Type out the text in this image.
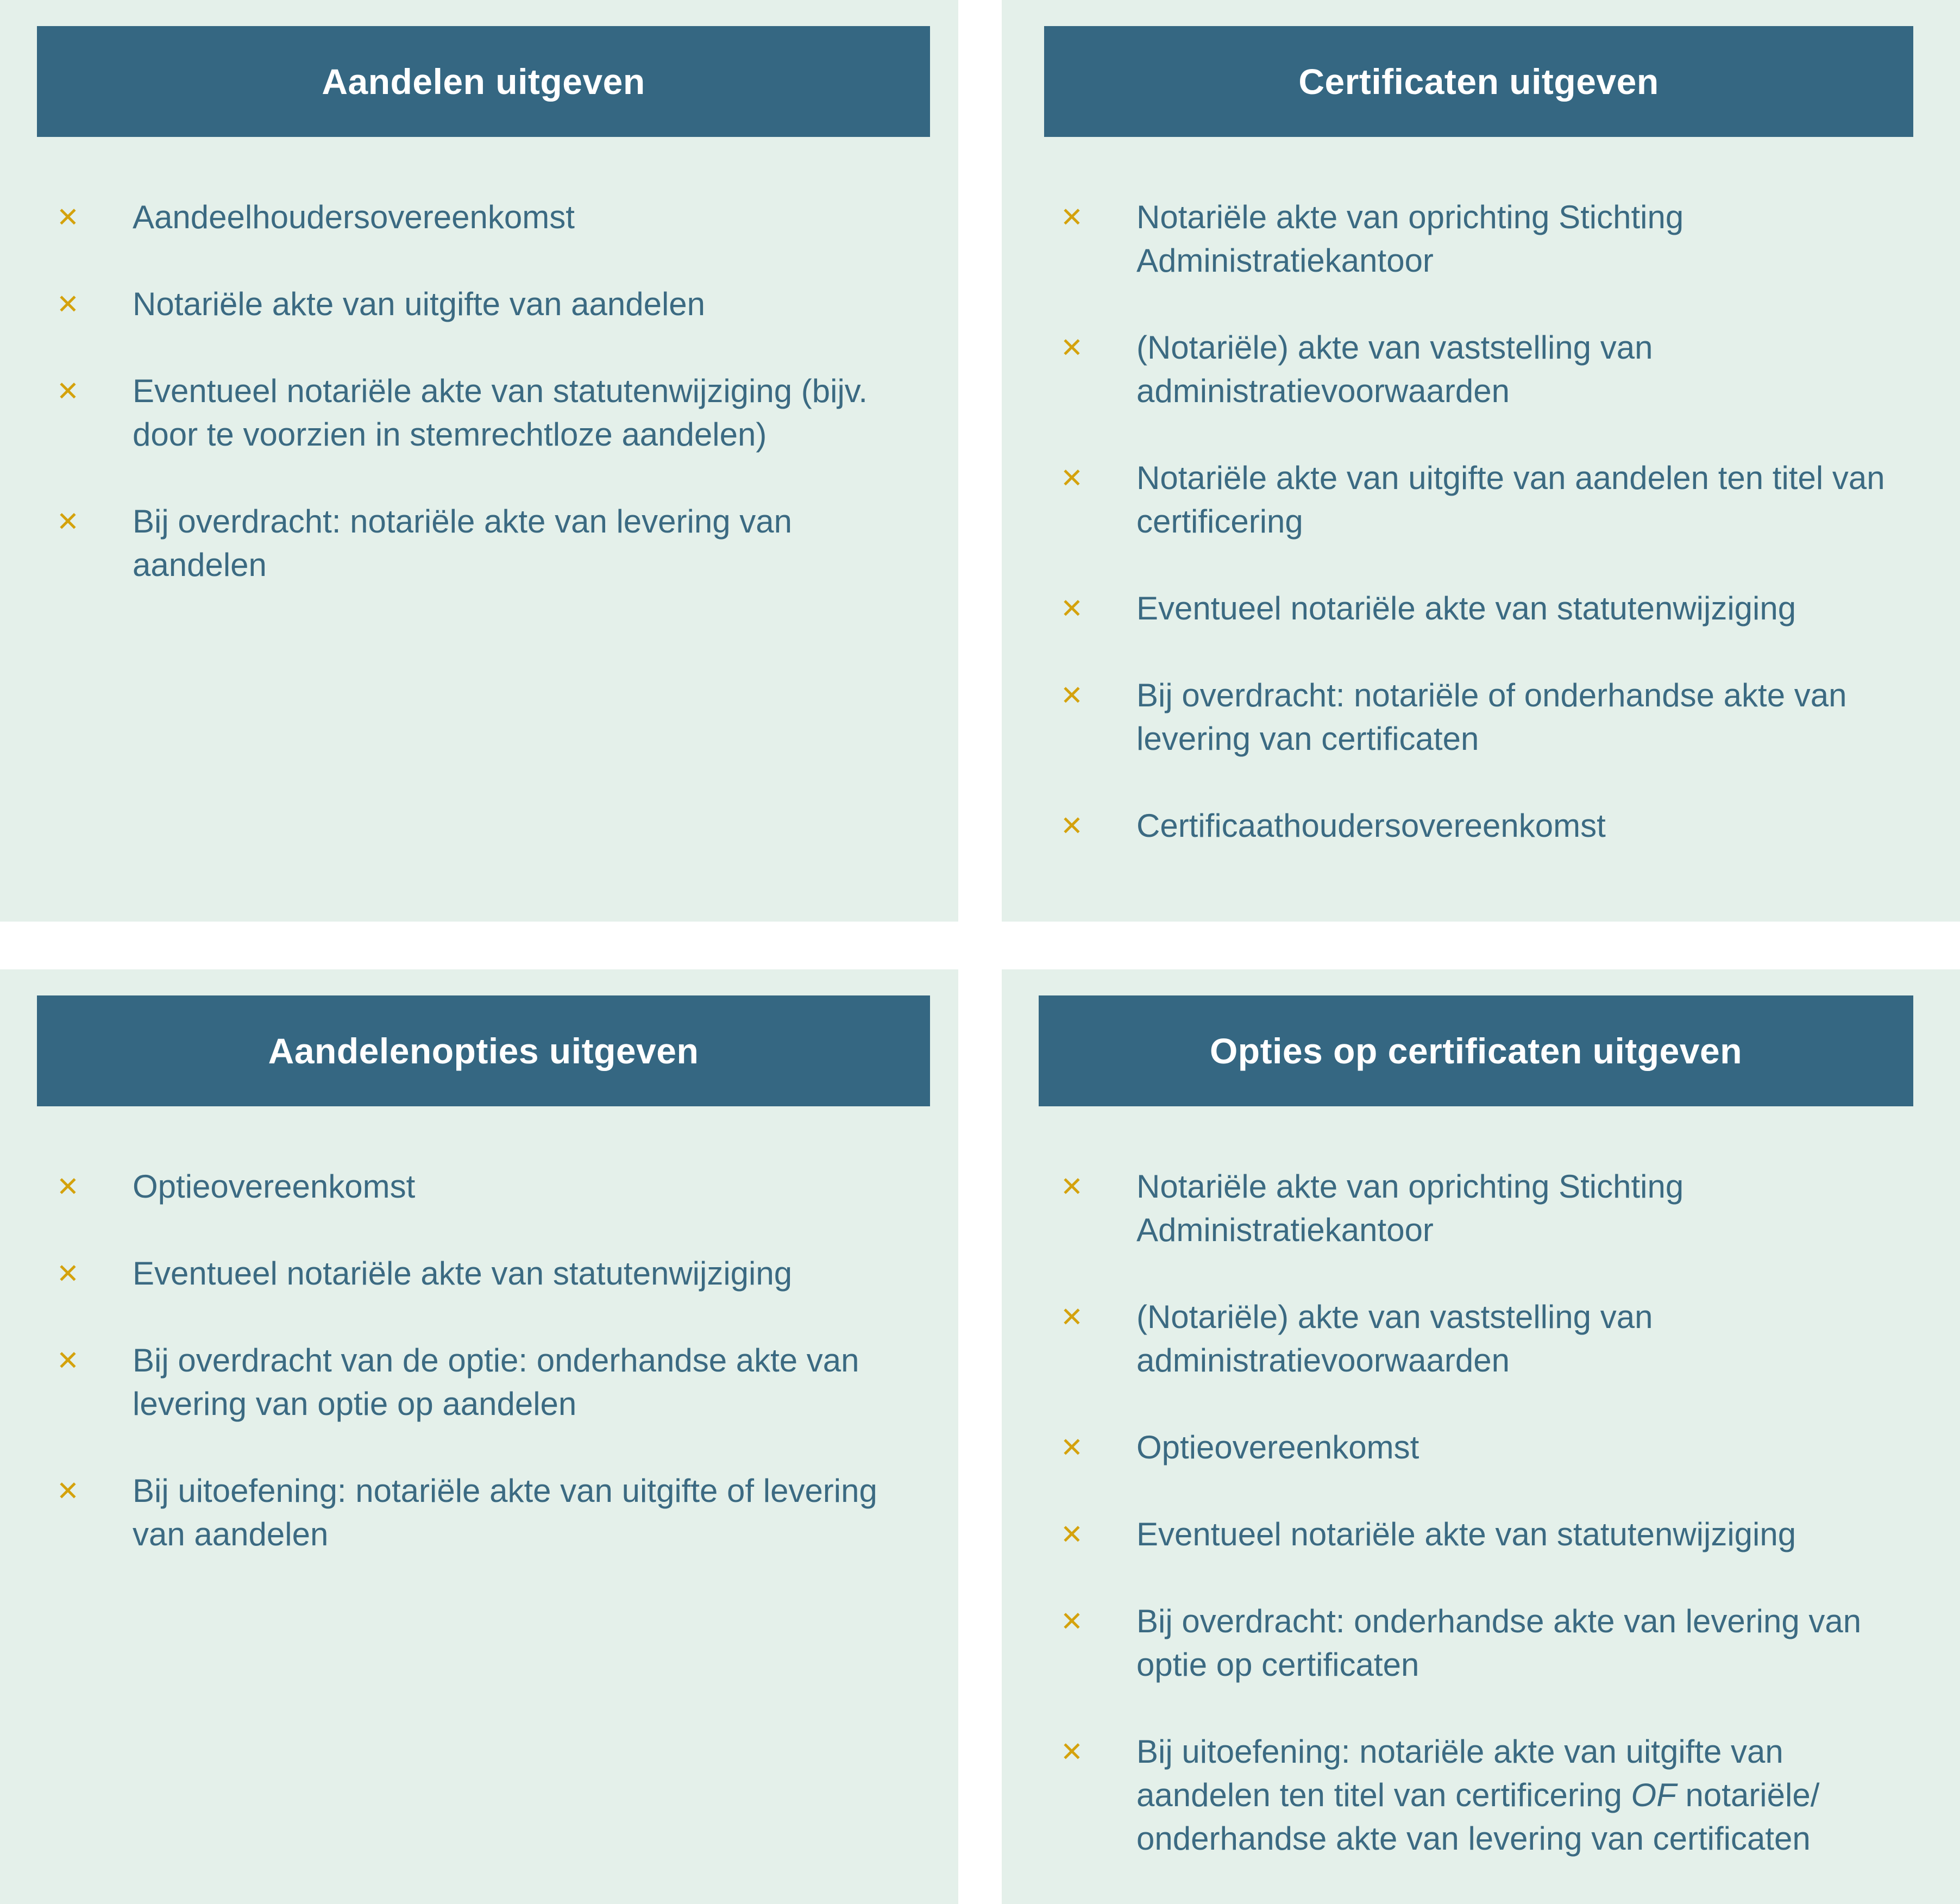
Aandelen uitgeven
✕ Aandeelhoudersovereenkomst
✕ Notariële akte van uitgifte van aandelen
✕ Eventueel notariële akte van statutenwijziging (bijv. door te voorzien in stemrechtloze aandelen)
✕ Bij overdracht: notariële akte van levering van aandelen
Certificaten uitgeven
✕ Notariële akte van oprichting Stichting Administratiekantoor
✕ (Notariële) akte van vaststelling van administratievoorwaarden
✕ Notariële akte van uitgifte van aandelen ten titel van certificering
✕ Eventueel notariële akte van statutenwijziging
✕ Bij overdracht: notariële of onderhandse akte van levering van certificaten
✕ Certificaathoudersovereenkomst
Aandelenopties uitgeven
✕ Optieovereenkomst
✕ Eventueel notariële akte van statutenwijziging
✕ Bij overdracht van de optie: onderhandse akte van levering van optie op aandelen
✕ Bij uitoefening: notariële akte van uitgifte of levering van aandelen
Opties op certificaten uitgeven
✕ Notariële akte van oprichting Stichting Administratiekantoor
✕ (Notariële) akte van vaststelling van administratievoorwaarden
✕ Optieovereenkomst
✕ Eventueel notariële akte van statutenwijziging
✕ Bij overdracht: onderhandse akte van levering van optie op certificaten
✕ Bij uitoefening: notariële akte van uitgifte van aandelen ten titel van certificering OF notariële/ onderhandse akte van levering van certificaten
